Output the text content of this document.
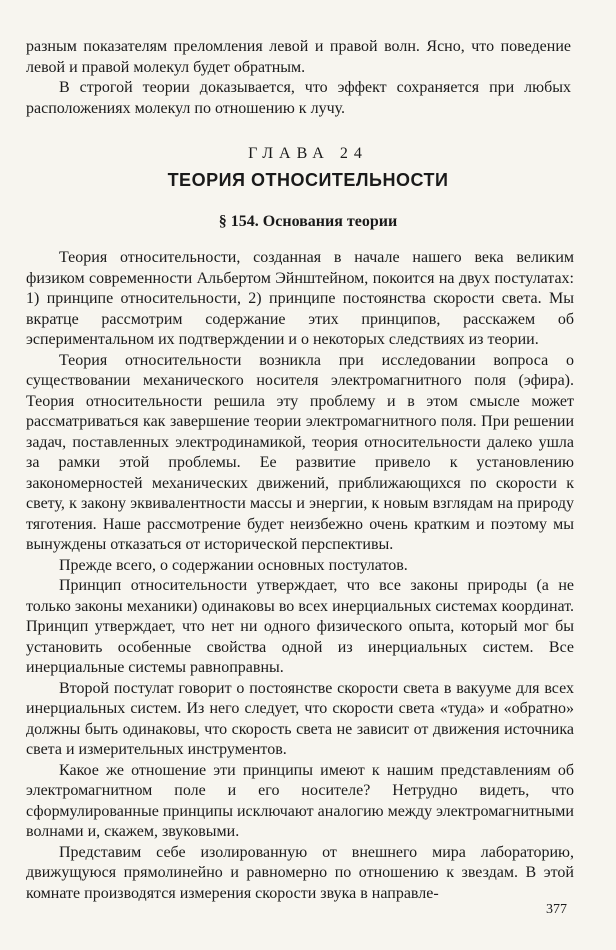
разным показателям преломления левой и правой волн. Ясно, что поведение левой и правой молекул будет обратным.

В строгой теории доказывается, что эффект сохраняется при любых расположениях молекул по отношению к лучу.

ГЛАВА 24
ТЕОРИЯ ОТНОСИТЕЛЬНОСТИ
§ 154. Основания теории

Теория относительности, созданная в начале нашего века великим физиком современности Альбертом Эйнштейном, покоится на двух постулатах: 1) принципе относительности, 2) принципе постоянства скорости света. Мы вкратце рассмотрим содержание этих принципов, расскажем об эспериментальном их подтверждении и о некоторых следствиях из теории.

Теория относительности возникла при исследовании вопроса о существовании механического носителя электромагнитного поля (эфира). Теория относительности решила эту проблему и в этом смысле может рассматриваться как завершение теории электромагнитного поля. При решении задач, поставленных электродинамикой, теория относительности далеко ушла за рамки этой проблемы. Ее развитие привело к установлению закономерностей механических движений, приближающихся по скорости к свету, к закону эквивалентности массы и энергии, к новым взглядам на природу тяготения. Наше рассмотрение будет неизбежно очень кратким и поэтому мы вынуждены отказаться от исторической перспективы.

Прежде всего, о содержании основных постулатов.

Принцип относительности утверждает, что все законы природы (а не только законы механики) одинаковы во всех инерциальных системах координат. Принцип утверждает, что нет ни одного физического опыта, который мог бы установить особенные свойства одной из инерциальных систем. Все инерциальные системы равноправны.

Второй постулат говорит о постоянстве скорости света в вакууме для всех инерциальных систем. Из него следует, что скорости света «туда» и «обратно» должны быть одинаковы, что скорость света не зависит от движения источника света и измерительных инструментов.

Какое же отношение эти принципы имеют к нашим представлениям об электромагнитном поле и его носителе? Нетрудно видеть, что сформулированные принципы исключают аналогию между электромагнитными волнами и, скажем, звуковыми.

Представим себе изолированную от внешнего мира лабораторию, движущуюся прямолинейно и равномерно по отношению к звездам. В этой комнате производятся измерения скорости звука в направле-

377
